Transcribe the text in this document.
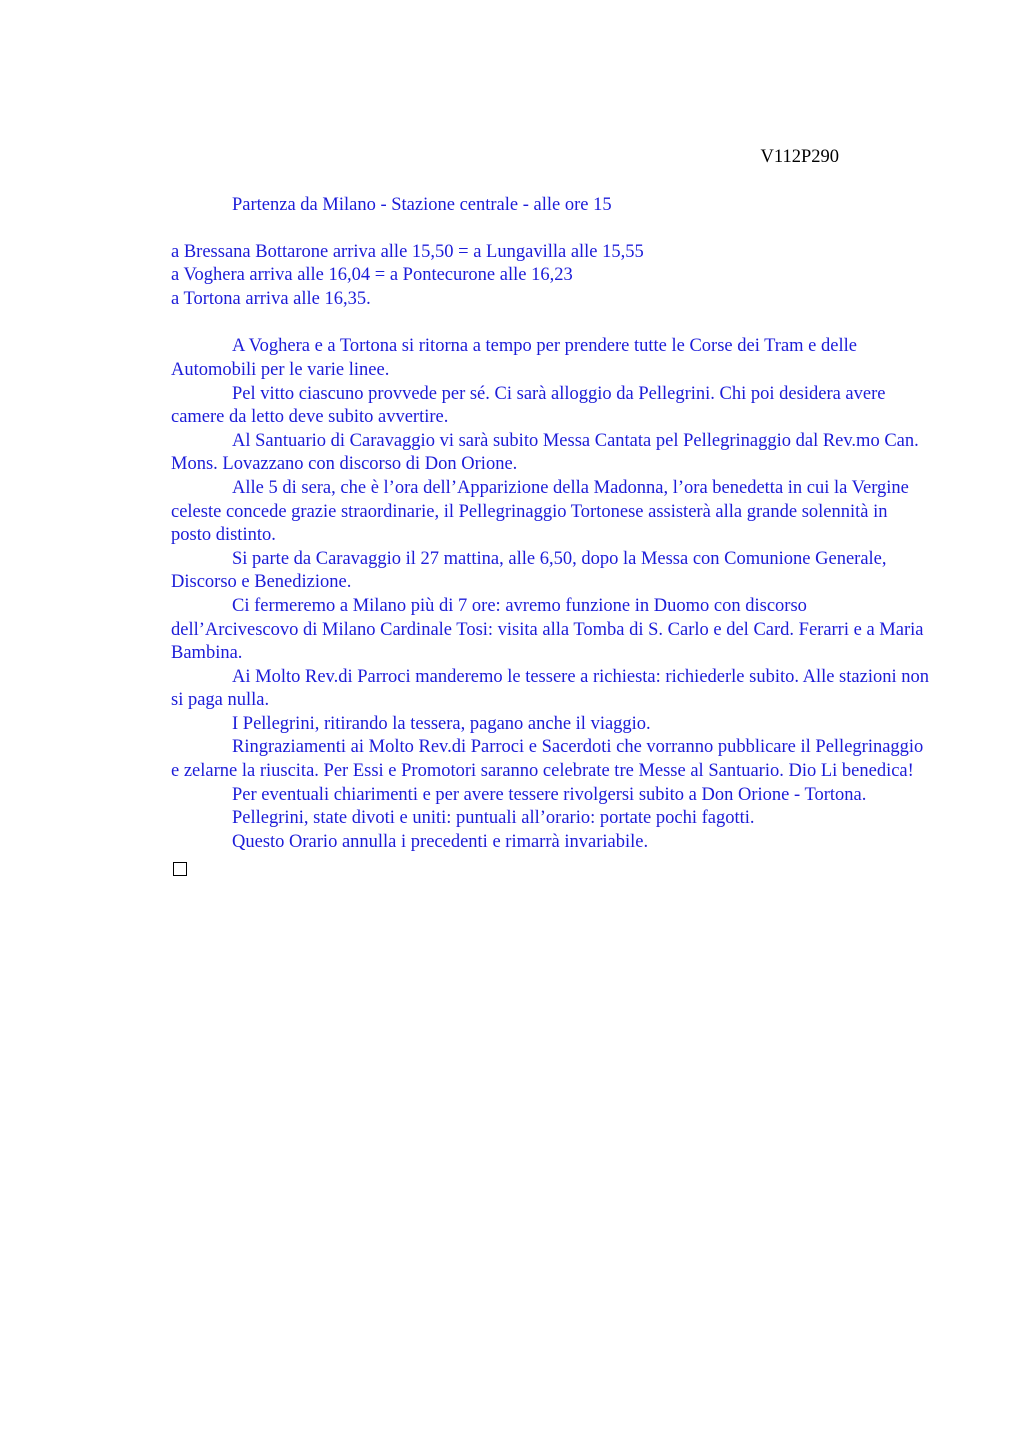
V112P290

Partenza da Milano - Stazione centrale - alle ore 15

a Bressana Bottarone arriva alle 15,50 = a Lungavilla alle 15,55

a Voghera arriva alle 16,04 = a Pontecurone alle 16,23

a Tortona arriva alle 16,35.

A Voghera e a Tortona si ritorna a tempo per prendere tutte le Corse dei Tram e delle Automobili per le varie linee.

Pel vitto ciascuno provvede per sé. Ci sarà alloggio da Pellegrini. Chi poi desidera avere camere da letto deve subito avvertire.

Al Santuario di Caravaggio vi sarà subito Messa Cantata pel Pellegrinaggio dal Rev.mo Can. Mons. Lovazzano con discorso di Don Orione.

Alle 5 di sera, che è l’ora dell’Apparizione della Madonna, l’ora benedetta in cui la Vergine celeste concede grazie straordinarie, il Pellegrinaggio Tortonese assisterà alla grande solennità in posto distinto.

Si parte da Caravaggio il 27 mattina, alle 6,50, dopo la Messa con Comunione Generale, Discorso e Benedizione.

Ci fermeremo a Milano più di 7 ore: avremo funzione in Duomo con discorso dell’Arcivescovo di Milano Cardinale Tosi: visita alla Tomba di S. Carlo e del Card. Ferarri e a Maria Bambina.

Ai Molto Rev.di Parroci manderemo le tessere a richiesta: richiederle subito. Alle stazioni non si paga nulla.

I Pellegrini, ritirando la tessera, pagano anche il viaggio.

Ringraziamenti ai Molto Rev.di Parroci e Sacerdoti che vorranno pubblicare il Pellegrinaggio e zelarne la riuscita. Per Essi e Promotori saranno celebrate tre Messe al Santuario. Dio Li benedica!

Per eventuali chiarimenti e per avere tessere rivolgersi subito a Don Orione - Tortona.

Pellegrini, state divoti e uniti: puntuali all’orario: portate pochi fagotti.

Questo Orario annulla i precedenti e rimarrà invariabile.
